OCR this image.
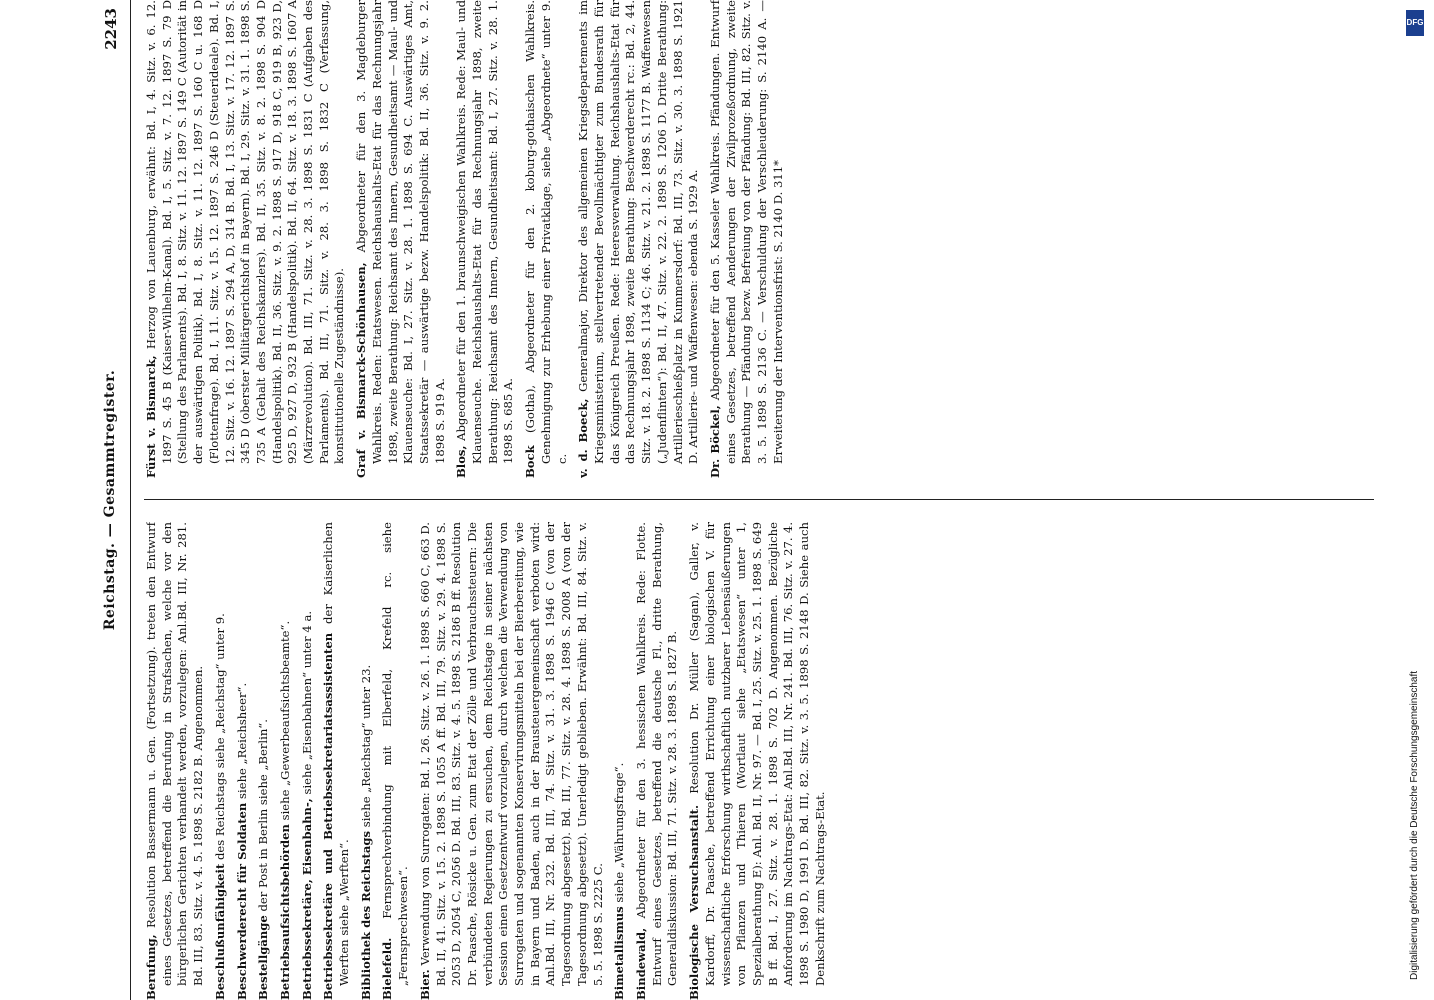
Reichstag. — Gesammtregister.
2243

Berufung, Resolution Bassermann u. Gen. (Fortsetzung). treten den Entwurf eines Gesetzes, betreffend die Berufung in Strafsachen, welche vor den bürgerlichen Gerichten verhandelt werden, vorzulegen: Anl.Bd. III, Nr. 281. Bd. III, 83. Sitz. v. 4. 5. 1898 S. 2182 B. Angenommen. Beschlußunfähigkeit des Reichstags siehe „Reichstag“ unter 9.

Beschwerderecht für Soldaten siehe „Reichsheer“.

Bestellgänge der Post in Berlin siehe „Berlin“.

Betriebsaufsichtsbehörden siehe „Gewerbeaufsichtsbeamte“.

Betriebssekretäre, Eisenbahn-, siehe „Eisenbahnen“ unter 4 a. Betriebssekretäre und Betriebssekretariatsassistenten der Kaiserlichen Werften siehe „Werften“. Bibliothek des Reichstags siehe „Reichstag“ unter 23.

Bielefeld. Fernsprechverbindung mit Elberfeld, Krefeld rc. siehe „Fernsprechwesen“. Bier. Verwendung von Surrogaten: Bd. I, 26. Sitz. v. 26. 1. 1898 S. 660 C, 663 D. Bd. II, 41. Sitz. v. 15. 2. 1898 S. 1055 A ff. Bd. III, 79. Sitz. v. 29. 4. 1898 S. 2053 D, 2054 C, 2056 D. Bd. III, 83. Sitz. v. 4. 5. 1898 S. 2186 B ff. Resolution Dr. Paasche, Rösicke u. Gen. zum Etat der Zölle und Verbrauchssteuern: Die verbündeten Regierungen zu ersuchen, dem Reichstage in seiner nächsten Session einen Gesetzentwurf vorzulegen, durch welchen die Verwendung von Surrogaten und sogenannten Konservirungsmitteln bei der Bierbereitung, wie in Bayern und Baden, auch in der Brausteuergemeinschaft verboten wird: Anl.Bd. III, Nr. 232. Bd. III, 74. Sitz. v. 31. 3. 1898 S. 1946 C (von der Tagesordnung abgesetzt). Bd. III, 77. Sitz. v. 28. 4. 1898 S. 2008 A (von der Tagesordnung abgesetzt). Unerledigt geblieben. Erwähnt: Bd. III, 84. Sitz. v. 5. 5. 1898 S. 2225 C. Bimetallismus siehe „Währungsfrage“.

Bindewald, Abgeordneter für den 3. hessischen Wahlkreis. Rede: Flotte. Entwurf eines Gesetzes, betreffend die deutsche Fl., dritte Berathung, Generaldiskussion: Bd. III, 71. Sitz. v. 28. 3. 1898 S. 1827 B. Biologische Versuchsanstalt. Resolution Dr. Müller (Sagan), Galler, v. Kardorff, Dr. Paasche, betreffend Errichtung einer biologischen V. für wissenschaftliche Erforschung wirthschaftlich nutzbarer Lebensäußerungen von Pflanzen und Thieren (Wortlaut siehe „Etatswesen“ unter 1, Spezialberathung E): Anl. Bd. II, Nr. 97. — Bd. I, 25. Sitz. v. 25. 1. 1898 S. 649 B ff. Bd. I, 27. Sitz. v. 28. 1. 1898 S. 702 D. Angenommen. Bezügliche Anforderung im Nachtrags-Etat: Anl.Bd. III, Nr. 241. Bd. III, 76. Sitz. v. 27. 4. 1898 S. 1980 D, 1991 D. Bd. III, 82. Sitz. v. 3. 5. 1898 S. 2148 D. Siehe auch Denkschrift zum Nachtrags-Etat.

Fürst v. Bismarck, Herzog von Lauenburg, erwähnt: Bd. I, 4. Sitz. v. 6. 12. 1897 S. 45 B (Kaiser-Wilhelm-Kanal). Bd. I, 5. Sitz. v. 7. 12. 1897 S. 79 D (Stellung des Parlaments). Bd. I, 8. Sitz. v. 11. 12. 1897 S. 149 C (Autorität in der auswärtigen Politik). Bd. I, 8. Sitz. v. 11. 12. 1897 S. 160 C u. 168 D (Flottenfrage). Bd. I, 11. Sitz. v. 15. 12. 1897 S. 246 D (Steuerideale). Bd. I, 12. Sitz. v. 16. 12. 1897 S. 294 A, D, 314 B. Bd. I, 13. Sitz. v. 17. 12. 1897 S. 345 D (oberster Militärgerichtshof in Bayern). Bd. I, 29. Sitz. v. 31. 1. 1898 S. 735 A (Gehalt des Reichskanzlers). Bd. II, 35. Sitz. v. 8. 2. 1898 S. 904 D (Handelspolitik). Bd. II, 36. Sitz. v. 9. 2. 1898 S. 917 D, 918 C, 919 B, 923 D, 925 D, 927 D, 932 B (Handelspolitik). Bd. II, 64. Sitz. v. 18. 3. 1898 S. 1607 A (Märzrevolution). Bd. III, 71. Sitz. v. 28. 3. 1898 S. 1831 C (Aufgaben des Parlaments). Bd. III, 71. Sitz. v. 28. 3. 1898 S. 1832 C (Verfassung, konstitutionelle Zugeständnisse). Graf v. Bismarck-Schönhausen, Abgeordneter für den 3. Magdeburger Wahlkreis. Reden: Etatswesen. Reichshaushalts-Etat für das Rechnungsjahr 1898, zweite Berathung: Reichsamt des Innern, Gesundheitsamt — Maul- und Klauenseuche: Bd. I, 27. Sitz. v. 28. 1. 1898 S. 694 C. Auswärtiges Amt, Staatssekretär — auswärtige bezw. Handelspolitik: Bd. II, 36. Sitz. v. 9. 2. 1898 S. 919 A. Blos, Abgeordneter für den 1. braunschweigischen Wahlkreis. Rede: Maul- und Klauenseuche. Reichshaushalts-Etat für das Rechnungsjahr 1898, zweite Berathung: Reichsamt des Innern, Gesundheitsamt: Bd. I, 27. Sitz. v. 28. 1. 1898 S. 685 A. Bock (Gotha), Abgeordneter für den 2. koburg-gothaischen Wahlkreis. Genehmigung zur Erhebung einer Privatklage, siehe „Abgeordnete“ unter 9. c. v. d. Boeck, Generalmajor, Direktor des allgemeinen Kriegsdepartements im Kriegsministerium, stellvertretender Bevollmächtigter zum Bundesrath für das Königreich Preußen. Rede: Heeresverwaltung. Reichshaushalts-Etat für das Rechnungsjahr 1898, zweite Berathung: Beschwerderecht rc.: Bd. 2, 44. Sitz. v. 18. 2. 1898 S. 1134 C; 46. Sitz. v. 21. 2. 1898 S. 1177 B. Waffenwesen („Judenflinten“): Bd. II, 47. Sitz. v. 22. 2. 1898 S. 1206 D. Dritte Berathung: Artillerieschießplatz in Kummersdorf: Bd. III, 73. Sitz. v. 30. 3. 1898 S. 1921 D. Artillerie- und Waffenwesen: ebenda S. 1929 A. Dr. Böckel, Abgeordneter für den 5. Kasseler Wahlkreis. Pfändungen. Entwurf eines Gesetzes, betreffend Aenderungen der Zivilprozeßordnung, zweite Berathung — Pfändung bezw. Befreiung von der Pfändung: Bd. III, 82. Sitz. v. 3. 5. 1898 S. 2136 C. — Verschuldung der Verschleuderung: S. 2140 A. — Erweiterung der Interventionsfrist: S. 2140 D. 311*

DFG
Digitalisierung gefördert durch die Deutsche Forschungsgemeinschaft
